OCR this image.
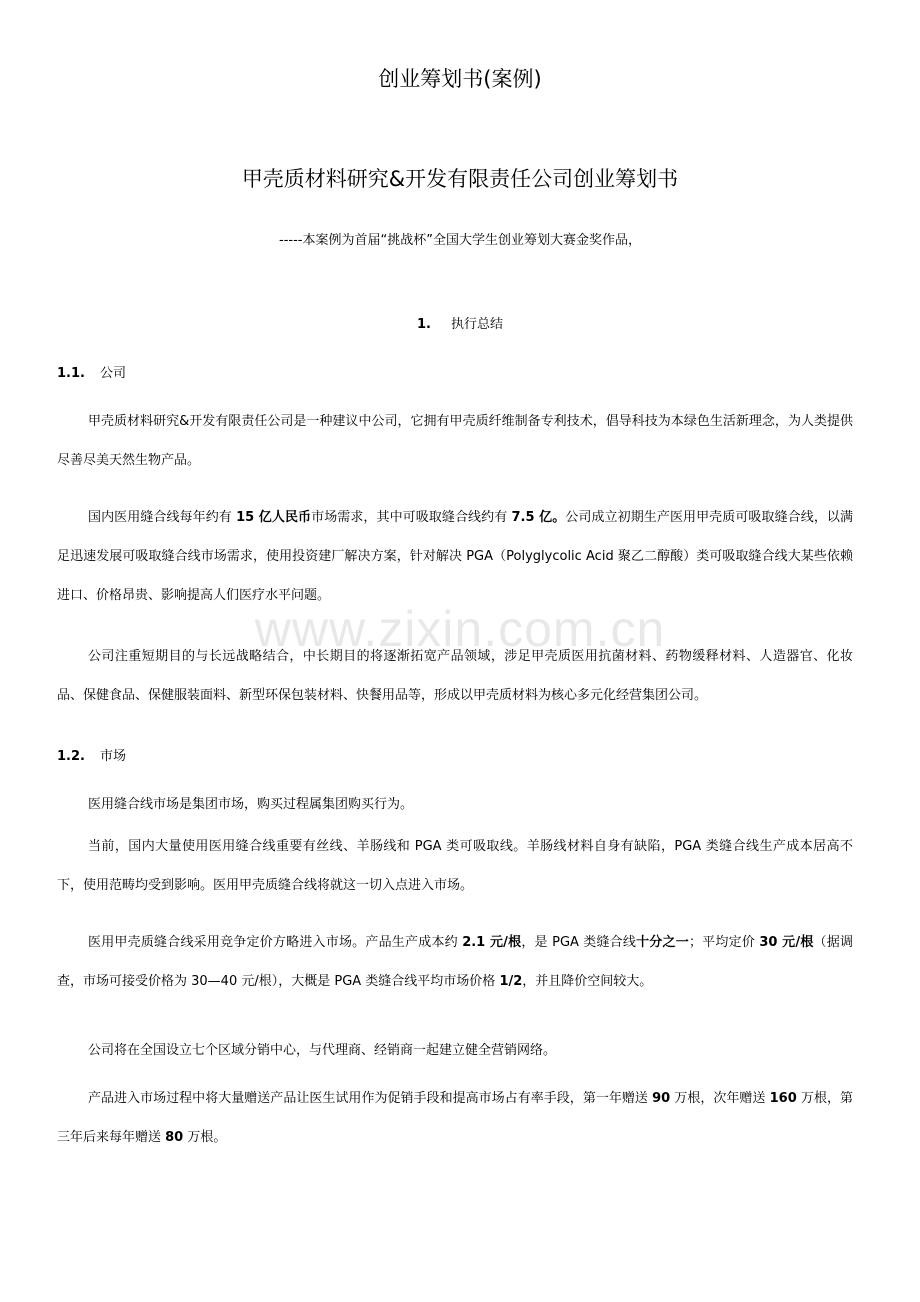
www.zixin.com.cn
创业筹划书(案例)
甲壳质材料研究&开发有限责任公司创业筹划书
-----本案例为首届“挑战杯”全国大学生创业筹划大赛金奖作品，
1. 执行总结
1.1. 公司
甲壳质材料研究&开发有限责任公司是一种建议中公司，它拥有甲壳质纤维制备专利技术，倡导科技为本绿色生活新理念，为人类提供尽善尽美天然生物产品。
国内医用缝合线每年约有 15 亿人民币市场需求，其中可吸取缝合线约有 7.5 亿。公司成立初期生产医用甲壳质可吸取缝合线，以满足迅速发展可吸取缝合线市场需求，使用投资建厂解决方案，针对解决 PGA（Polyglycolic Acid 聚乙二醇酸）类可吸取缝合线大某些依赖进口、价格昂贵、影响提高人们医疗水平问题。
公司注重短期目的与长远战略结合，中长期目的将逐渐拓宽产品领域，涉足甲壳质医用抗菌材料、药物缓释材料、人造器官、化妆品、保健食品、保健服装面料、新型环保包装材料、快餐用品等，形成以甲壳质材料为核心多元化经营集团公司。
1.2. 市场
医用缝合线市场是集团市场，购买过程属集团购买行为。
当前，国内大量使用医用缝合线重要有丝线、羊肠线和 PGA 类可吸取线。羊肠线材料自身有缺陷，PGA 类缝合线生产成本居高不下，使用范畴均受到影响。医用甲壳质缝合线将就这一切入点进入市场。
医用甲壳质缝合线采用竞争定价方略进入市场。产品生产成本约 2.1 元/根，是 PGA 类缝合线十分之一；平均定价 30 元/根（据调查，市场可接受价格为 30—40 元/根），大概是 PGA 类缝合线平均市场价格 1/2，并且降价空间较大。
公司将在全国设立七个区域分销中心，与代理商、经销商一起建立健全营销网络。
产品进入市场过程中将大量赠送产品让医生试用作为促销手段和提高市场占有率手段，第一年赠送 90 万根，次年赠送 160 万根，第三年后来每年赠送 80 万根。
